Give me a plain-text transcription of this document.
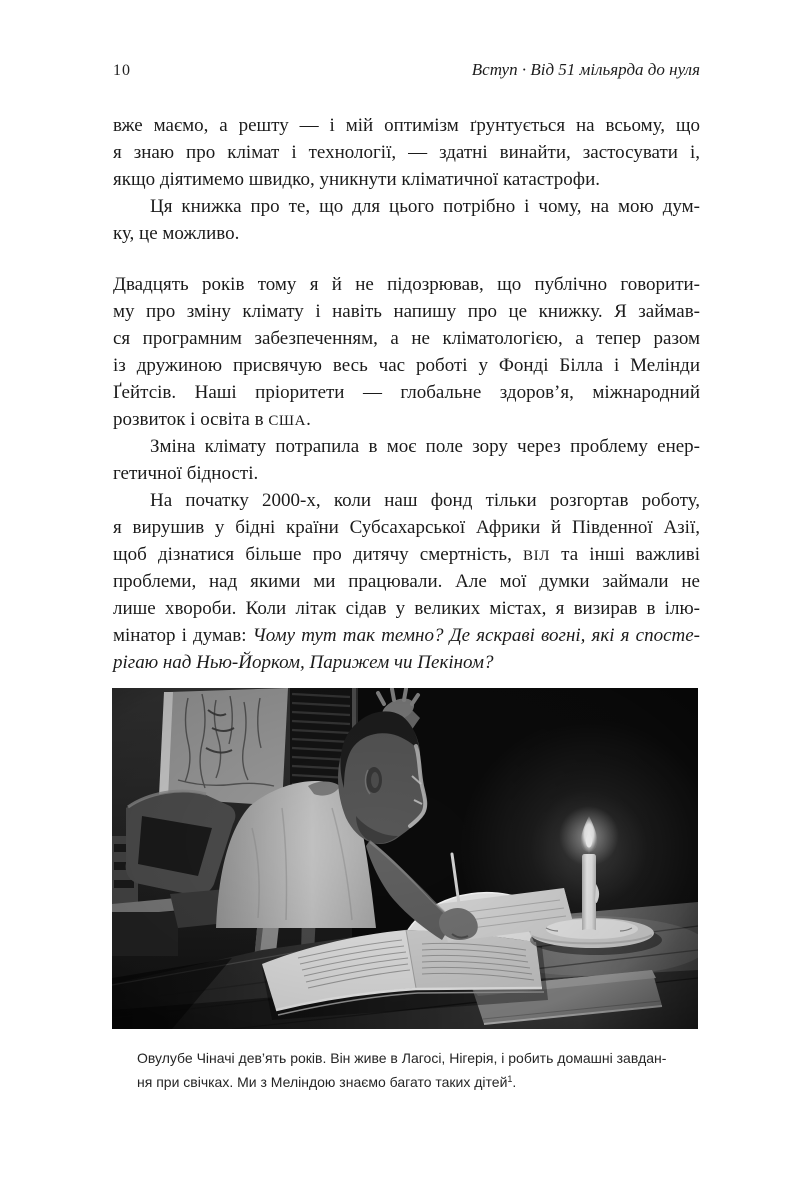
10	Вступ · Від 51 мільярда до нуля
вже маємо, а решту — і мій оптимізм ґрунтується на всьому, що
я знаю про клімат і технології, — здатні винайти, застосувати і,
якщо діятимемо швидко, уникнути кліматичної катастрофи.
Ця книжка про те, що для цього потрібно і чому, на мою дум-
ку, це можливо.
Двадцять років тому я й не підозрював, що публічно говорити-
му про зміну клімату і навіть напишу про це книжку. Я займав-
ся програмним забезпеченням, а не кліматологією, а тепер разом
із дружиною присвячую весь час роботі у Фонді Білла і Мелінди
Ґейтсів. Наші пріоритети — глобальне здоров’я, міжнародний
розвиток і освіта в США.
Зміна клімату потрапила в моє поле зору через проблему енер-
гетичної бідності.
На початку 2000-х, коли наш фонд тільки розгортав роботу,
я вирушив у бідні країни Субсахарської Африки й Південної Азії,
щоб дізнатися більше про дитячу смертність, ВІЛ та інші важливі
проблеми, над якими ми працювали. Але мої думки займали не
лише хвороби. Коли літак сідав у великих містах, я визирав в ілю-
мінатор і думав: Чому тут так темно? Де яскраві вогні, які я спосте-
рігаю над Нью-Йорком, Парижем чи Пекіном?
Овулубе Чіначі дев’ять років. Він живе в Лагосі, Нігерія, і робить домашні завдан-
ня при свічках. Ми з Меліндою знаємо багато таких дітей$^1$.
